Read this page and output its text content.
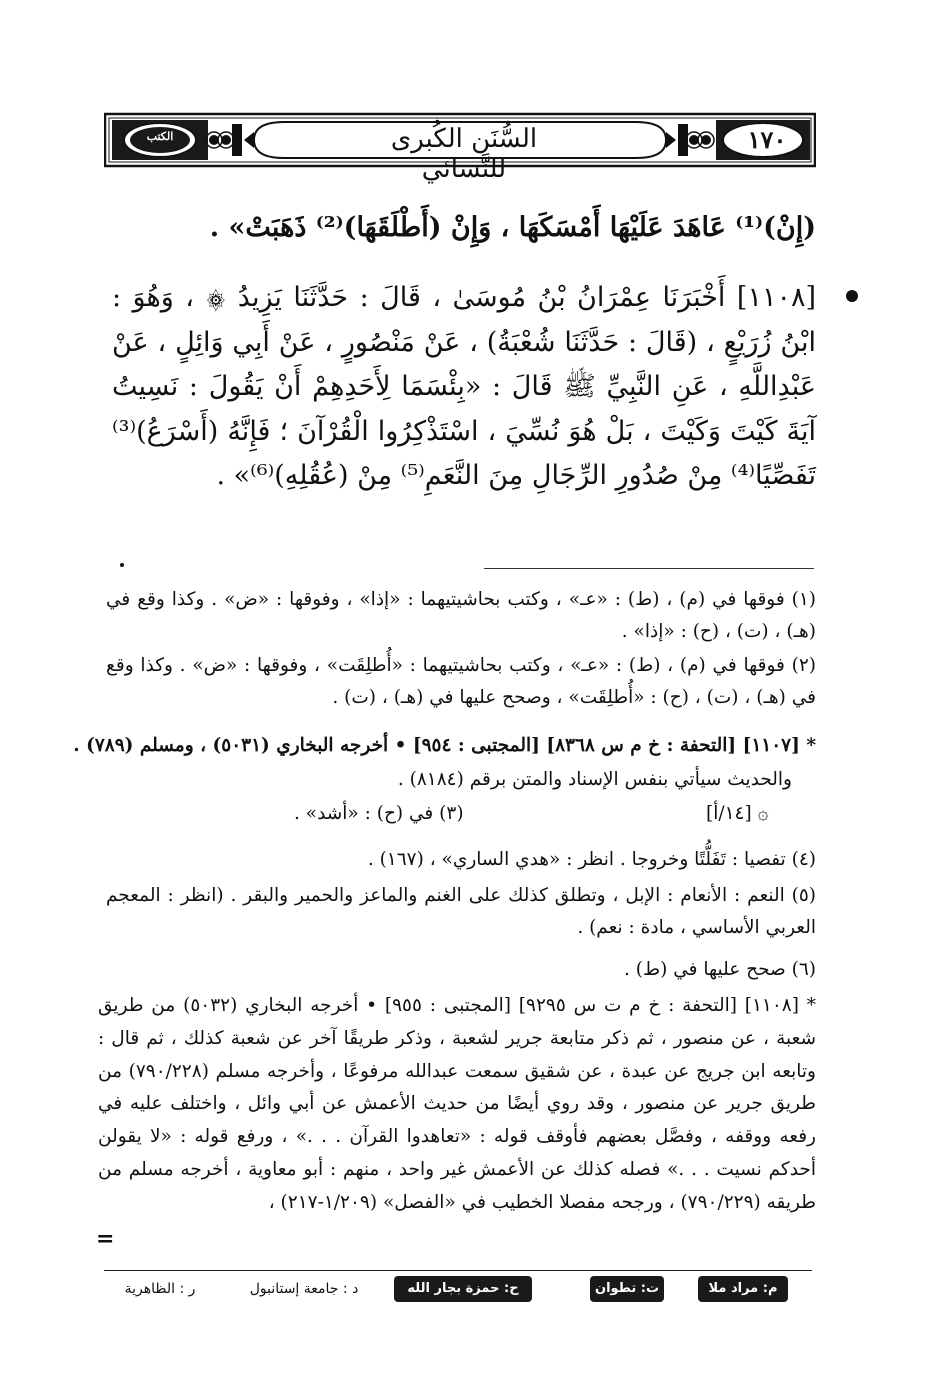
السُّنَن الكُبرى للنَّسائي
١٧٠
الكتب
(إِنْ)⁽¹⁾ عَاهَدَ عَلَيْهَا أَمْسَكَهَا ، وَإِنْ (أَطْلَقَهَا)⁽²⁾ ذَهَبَتْ» .
[١١٠٨] أَخْبَرَنَا عِمْرَانُ بْنُ مُوسَىٰ ، قَالَ : حَدَّثَنَا يَزِيدُ ۞ ، وَهُوَ : ابْنُ زُرَيْعٍ ، (قَالَ : حَدَّثَنَا شُعْبَةُ) ، عَنْ مَنْصُورٍ ، عَنْ أَبِي وَائِلٍ ، عَنْ عَبْدِاللَّهِ ، عَنِ النَّبِيِّ ﷺ قَالَ : «بِئْسَمَا لِأَحَدِهِمْ أَنْ يَقُولَ : نَسِيتُ آيَةَ كَيْتَ وَكَيْتَ ، بَلْ هُوَ نُسِّيَ ، اسْتَذْكِرُوا الْقُرْآنَ ؛ فَإِنَّهُ (أَسْرَعُ)⁽³⁾ تَفَصِّيًا⁽⁴⁾ مِنْ صُدُورِ الرِّجَالِ مِنَ النَّعَمِ⁽⁵⁾ مِنْ (عُقُلِهِ)⁽⁶⁾» .
(١) فوقها في (م) ، (ط) : «عـ» ، وكتب بحاشيتيهما : «إذا» ، وفوقها : «ض» . وكذا وقع في (هـ) ، (ت) ، (ح) : «إذا» .
(٢) فوقها في (م) ، (ط) : «عـ» ، وكتب بحاشيتيهما : «أُطلِقَت» ، وفوقها : «ض» . وكذا وقع في (هـ) ، (ت) ، (ح) : «أُطلِقَت» ، وصحح عليها في (هـ) ، (ت) .
* [١١٠٧] [التحفة : خ م س ٨٣٦٨] [المجتبى : ٩٥٤] • أخرجه البخاري (٥٠٣١) ، ومسلم (٧٨٩) .
والحديث سيأتي بنفس الإسناد والمتن برقم (٨١٨٤) .
۞ [١٤/أ]
(٣) في (ح) : «أشد» .
(٤) تفصيا : تَفَلُّتًا وخروجا . انظر : «هدي الساري» ، (١٦٧) .
(٥) النعم : الأنعام : الإبل ، وتطلق كذلك على الغنم والماعز والحمير والبقر . (انظر : المعجم العربي الأساسي ، مادة : نعم) .
(٦) صحح عليها في (ط) .
* [١١٠٨] [التحفة : خ م ت س ٩٢٩٥] [المجتبى : ٩٥٥] • أخرجه البخاري (٥٠٣٢) من طريق شعبة ، عن منصور ، ثم ذكر متابعة جرير لشعبة ، وذكر طريقًا آخر عن شعبة كذلك ، ثم قال : وتابعه ابن جريج عن عبدة ، عن شقيق سمعت عبدالله مرفوعًا ، وأخرجه مسلم (٧٩٠/٢٢٨) من طريق جرير عن منصور ، وقد روي أيضًا من حديث الأعمش عن أبي وائل ، واختلف عليه في رفعه ووقفه ، وفصَّل بعضهم فأوقف قوله : «تعاهدوا القرآن . . .» ، ورفع قوله : «لا يقولن أحدكم نسيت . . .» فصله كذلك عن الأعمش غير واحد ، منهم : أبو معاوية ، أخرجه مسلم من طريقه (٧٩٠/٢٢٩) ، ورجحه مفصلا الخطيب في «الفصل» (١/٢٠٩-٢١٧) ،
=
م: مراد ملا
ت: تطوان
ح: حمزة بجار الله
د : جامعة إستانبول
ر : الظاهرية
